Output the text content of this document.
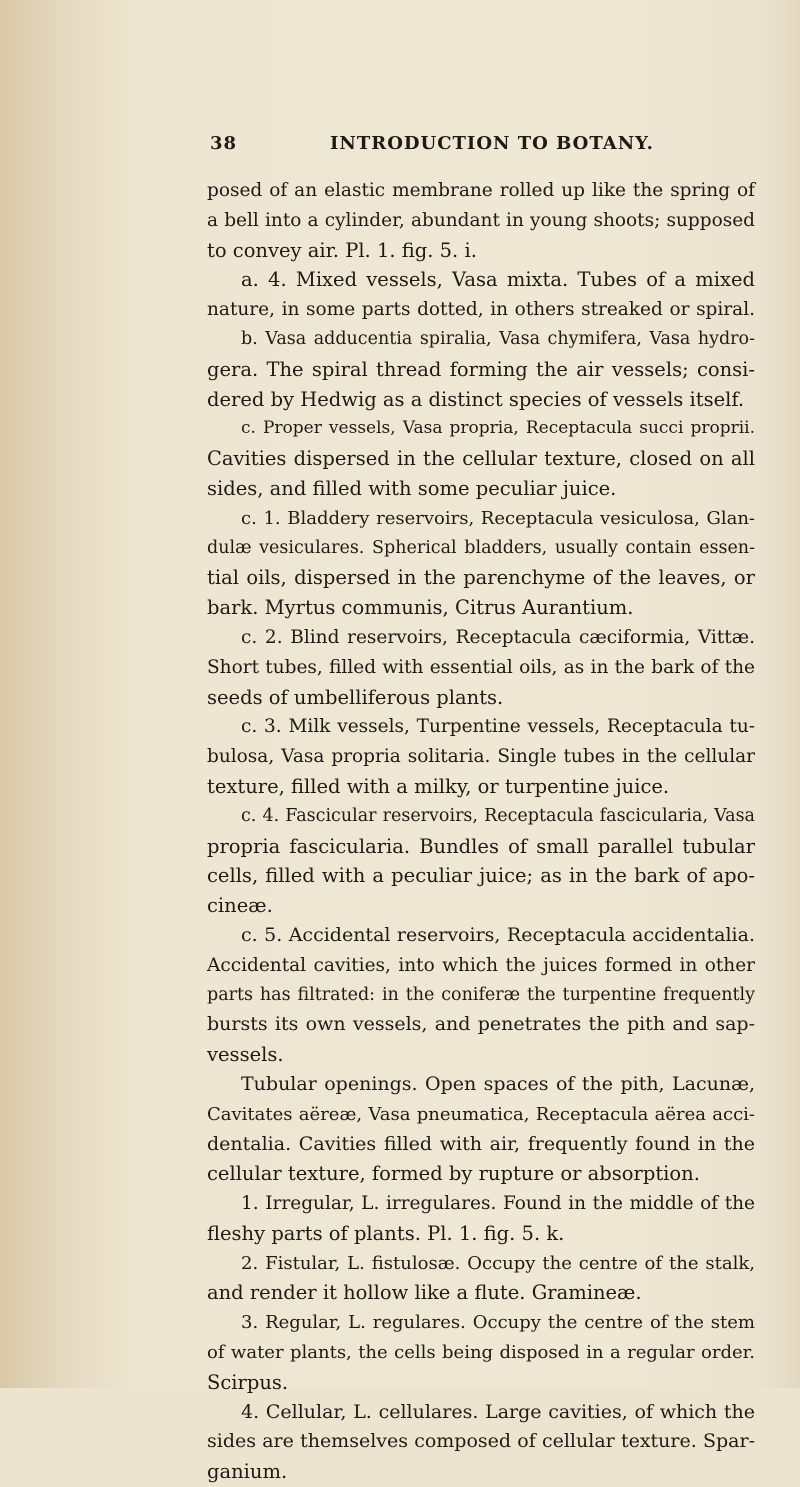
38	INTRODUCTION TO BOTANY.
posed of an elastic membrane rolled up like the spring of
a bell into a cylinder, abundant in young shoots; supposed
to convey air. Pl. 1. fig. 5. i.
a. 4. Mixed vessels, Vasa mixta. Tubes of a mixed
nature, in some parts dotted, in others streaked or spiral.
b. Vasa adducentia spiralia, Vasa chymifera, Vasa hydro-
gera. The spiral thread forming the air vessels; consi-
dered by Hedwig as a distinct species of vessels itself.
c. Proper vessels, Vasa propria, Receptacula succi proprii.
Cavities dispersed in the cellular texture, closed on all
sides, and filled with some peculiar juice.
c. 1. Bladdery reservoirs, Receptacula vesiculosa, Glan-
dulæ vesiculares. Spherical bladders, usually contain essen-
tial oils, dispersed in the parenchyme of the leaves, or
bark. Myrtus communis, Citrus Aurantium.
c. 2. Blind reservoirs, Receptacula cæciformia, Vittæ.
Short tubes, filled with essential oils, as in the bark of the
seeds of umbelliferous plants.
c. 3. Milk vessels, Turpentine vessels, Receptacula tu-
bulosa, Vasa propria solitaria. Single tubes in the cellular
texture, filled with a milky, or turpentine juice.
c. 4. Fascicular reservoirs, Receptacula fascicularia, Vasa
propria fascicularia. Bundles of small parallel tubular
cells, filled with a peculiar juice; as in the bark of apo-
cineæ.
c. 5. Accidental reservoirs, Receptacula accidentalia.
Accidental cavities, into which the juices formed in other
parts has filtrated: in the coniferæ the turpentine frequently
bursts its own vessels, and penetrates the pith and sap-
vessels.
Tubular openings. Open spaces of the pith, Lacunæ,
Cavitates aëreæ, Vasa pneumatica, Receptacula aërea acci-
dentalia. Cavities filled with air, frequently found in the
cellular texture, formed by rupture or absorption.
1. Irregular, L. irregulares. Found in the middle of the
fleshy parts of plants. Pl. 1. fig. 5. k.
2. Fistular, L. fistulosæ. Occupy the centre of the stalk,
and render it hollow like a flute. Gramineæ.
3. Regular, L. regulares. Occupy the centre of the stem
of water plants, the cells being disposed in a regular order.
Scirpus.
4. Cellular, L. cellulares. Large cavities, of which the
sides are themselves composed of cellular texture. Spar-
ganium.
